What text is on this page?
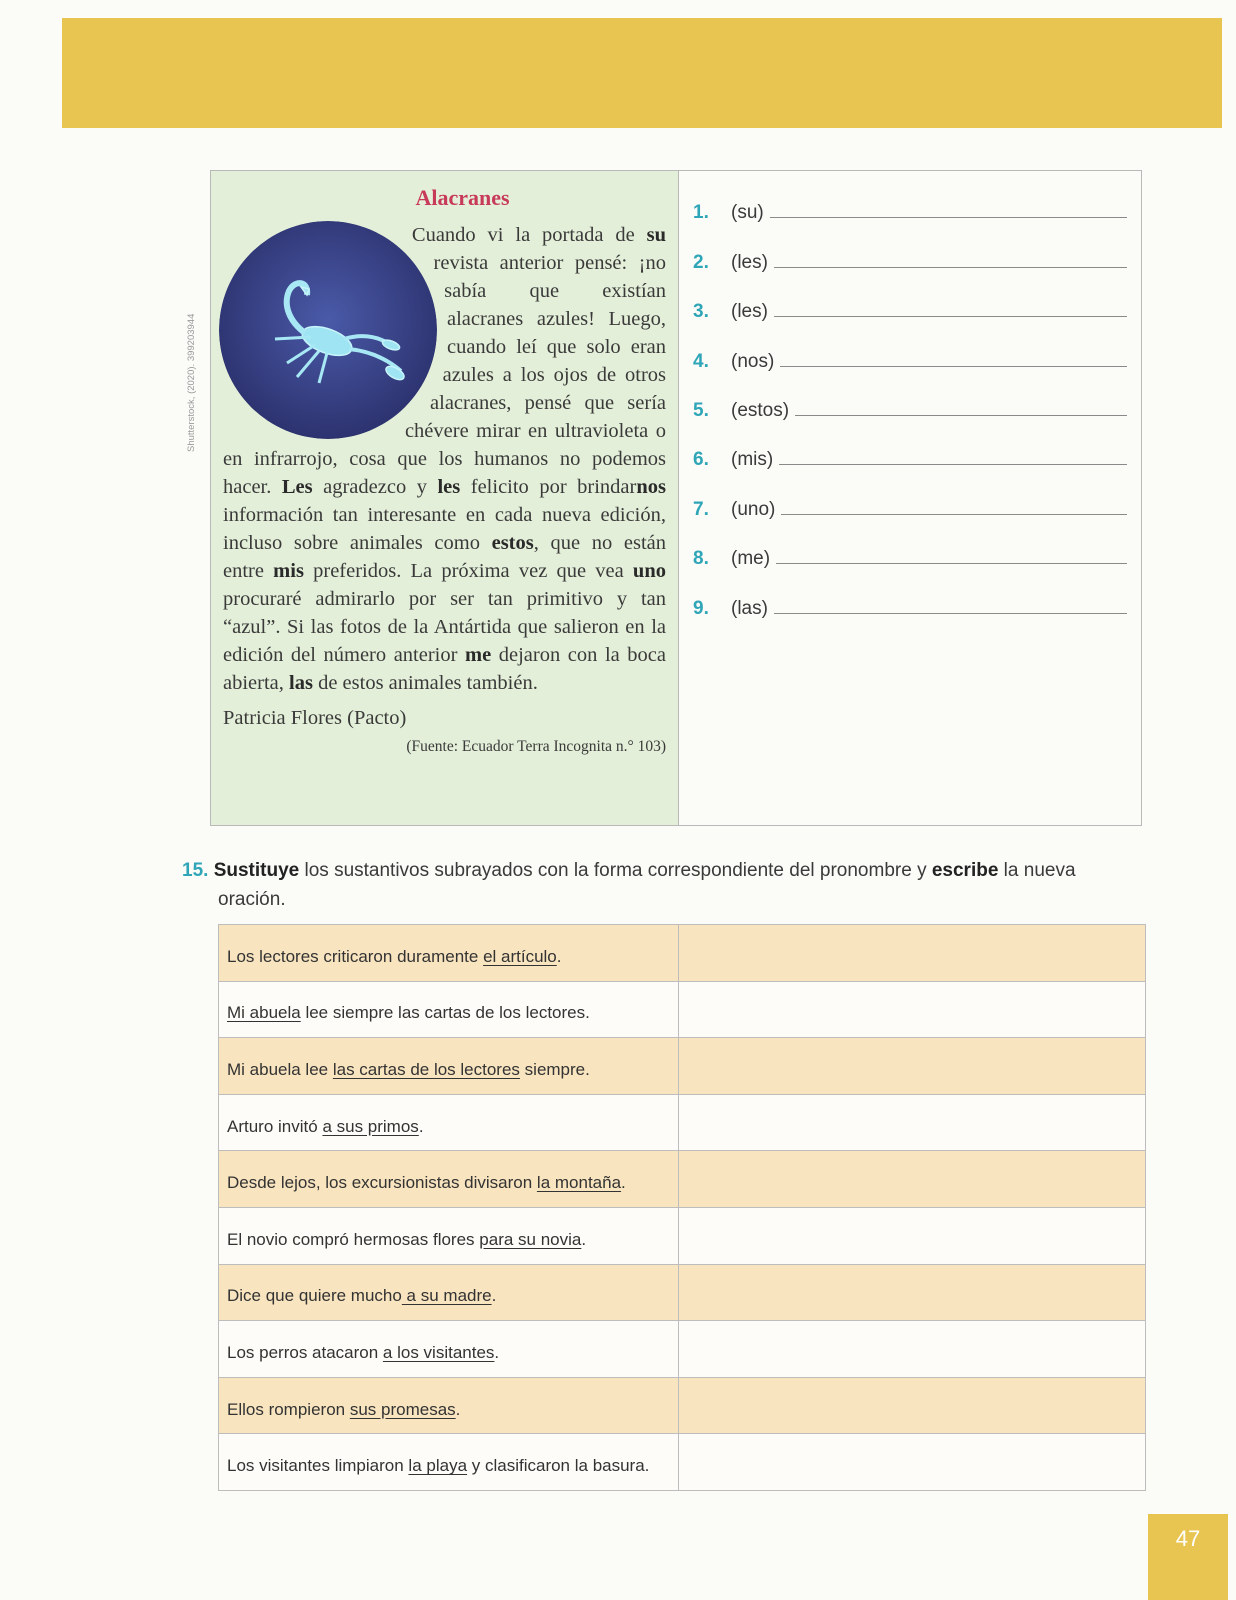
Shutterstock, (2020). 399203944
Alacranes
Cuando vi la portada de su revista anterior pensé: ¡no sabía que existían alacranes azules! Luego, cuando leí que solo eran azules a los ojos de otros alacranes, pensé que sería chévere mirar en ultravioleta o en infrarrojo, cosa que los humanos no podemos hacer. Les agradezco y les felicito por brindarnos información tan interesante en cada nueva edición, incluso sobre animales como estos, que no están entre mis preferidos. La próxima vez que vea uno procuraré admirarlo por ser tan primitivo y tan “azul”. Si las fotos de la Antártida que salieron en la edición del número anterior me dejaron con la boca abierta, las de estos animales también.
Patricia Flores (Pacto)
(Fuente: Ecuador Terra Incognita n.° 103)
1.	(su)
2.	(les)
3.	(les)
4.	(nos)
5.	(estos)
6.	(mis)
7.	(uno)
8.	(me)
9.	(las)
15. Sustituye los sustantivos subrayados con la forma correspondiente del pronombre y escribe la nueva
oración.
Los lectores criticaron duramente el artículo.	
Mi abuela lee siempre las cartas de los lectores.	
Mi abuela lee las cartas de los lectores siempre.	
Arturo invitó a sus primos.	
Desde lejos, los excursionistas divisaron la montaña.	
El novio compró hermosas flores para su novia.	
Dice que quiere mucho a su madre.	
Los perros atacaron a los visitantes.	
Ellos rompieron sus promesas.	
Los visitantes limpiaron la playa y clasificaron la basura.	
47
